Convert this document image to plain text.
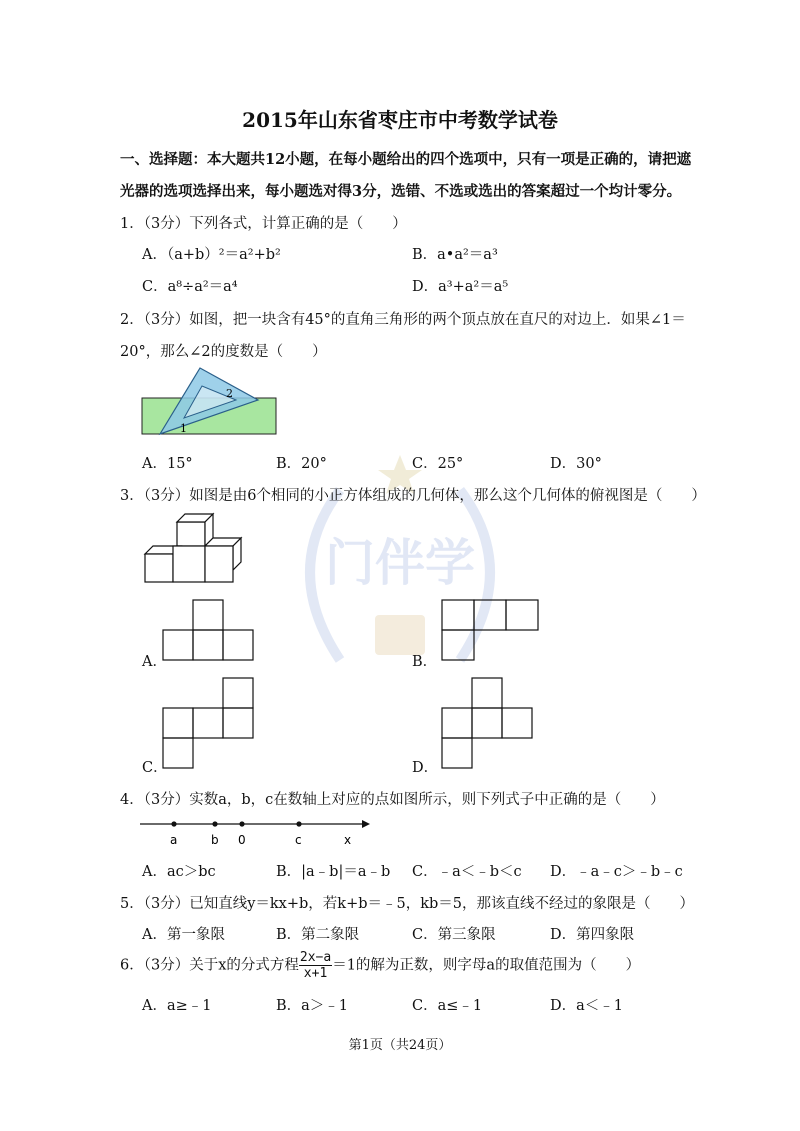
门伴学
2015年山东省枣庄市中考数学试卷
一、选择题：本大题共12小题，在每小题给出的四个选项中，只有一项是正确的，请把遮
光器的选项选择出来，每小题选对得3分，选错、不选或选出的答案超过一个均计零分。
1．（3分）下列各式，计算正确的是（　　）
A．（a+b）²＝a²+b²	B．a•a²＝a³
C．a⁸÷a²＝a⁴	D．a³+a²＝a⁵
2．（3分）如图，把一块含有45°的直角三角形的两个顶点放在直尺的对边上．如果∠1＝
20°，那么∠2的度数是（　　）
2
1
A．15°	B．20°	C．25°	D．30°
3．（3分）如图是由6个相同的小正方体组成的几何体，那么这个几何体的俯视图是（　　）
A．	B．
C．	D．
4．（3分）实数a，b，c在数轴上对应的点如图所示，则下列式子中正确的是（　　）
a	b 0	c	x
A．ac＞bc	B．|a﹣b|＝a﹣b C．﹣a＜﹣b＜c D．﹣a﹣c＞﹣b﹣c
5．（3分）已知直线y＝kx+b，若k+b＝﹣5，kb＝5，那该直线不经过的象限是（　　）
A．第一象限	B．第二象限	C．第三象限	D．第四象限
6．（3分）关于x的分式方程 $\frac{2x-a}{x+1} =1$的解为正数，则字母a的取值范围为（　　）
A．a≥﹣1	B．a＞﹣1	C．a≤﹣1	D．a＜﹣1
第1页（共24页）
